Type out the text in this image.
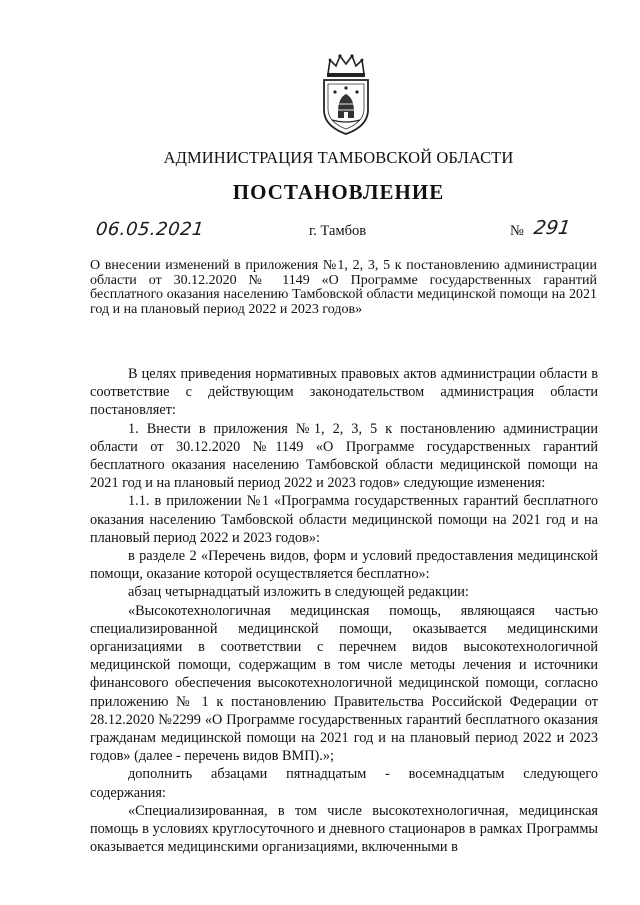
АДМИНИСТРАЦИЯ ТАМБОВСКОЙ ОБЛАСТИ
ПОСТАНОВЛЕНИЕ
06.05.2021	г. Тамбов	№ 291
О внесении изменений в приложения №1, 2, 3, 5 к постановлению администрации области от 30.12.2020 № 1149 «О Программе государственных гарантий бесплатного оказания населению Тамбовской области медицинской помощи на 2021 год и на плановый период 2022 и 2023 годов»

В целях приведения нормативных правовых актов администрации области в соответствие с действующим законодательством администрация области постановляет:

1. Внести в приложения №1, 2, 3, 5 к постановлению администрации области от 30.12.2020 №1149 «О Программе государственных гарантий бесплатного оказания населению Тамбовской области медицинской помощи на 2021 год и на плановый период 2022 и 2023 годов» следующие изменения:

1.1. в приложении №1 «Программа государственных гарантий бесплатного оказания населению Тамбовской области медицинской помощи на 2021 год и на плановый период 2022 и 2023 годов»:

в разделе 2 «Перечень видов, форм и условий предоставления медицинской помощи, оказание которой осуществляется бесплатно»:

абзац четырнадцатый изложить в следующей редакции:

«Высокотехнологичная медицинская помощь, являющаяся частью специализированной медицинской помощи, оказывается медицинскими организациями в соответствии с перечнем видов высокотехнологичной медицинской помощи, содержащим в том числе методы лечения и источники финансового обеспечения высокотехнологичной медицинской помощи, согласно приложению № 1 к постановлению Правительства Российской Федерации от 28.12.2020 №2299 «О Программе государственных гарантий бесплатного оказания гражданам медицинской помощи на 2021 год и на плановый период 2022 и 2023 годов» (далее - перечень видов ВМП).»;

дополнить абзацами пятнадцатым - восемнадцатым следующего содержания:

«Специализированная, в том числе высокотехнологичная, медицинская помощь в условиях круглосуточного и дневного стационаров в рамках Программы оказывается медицинскими организациями, включенными в
